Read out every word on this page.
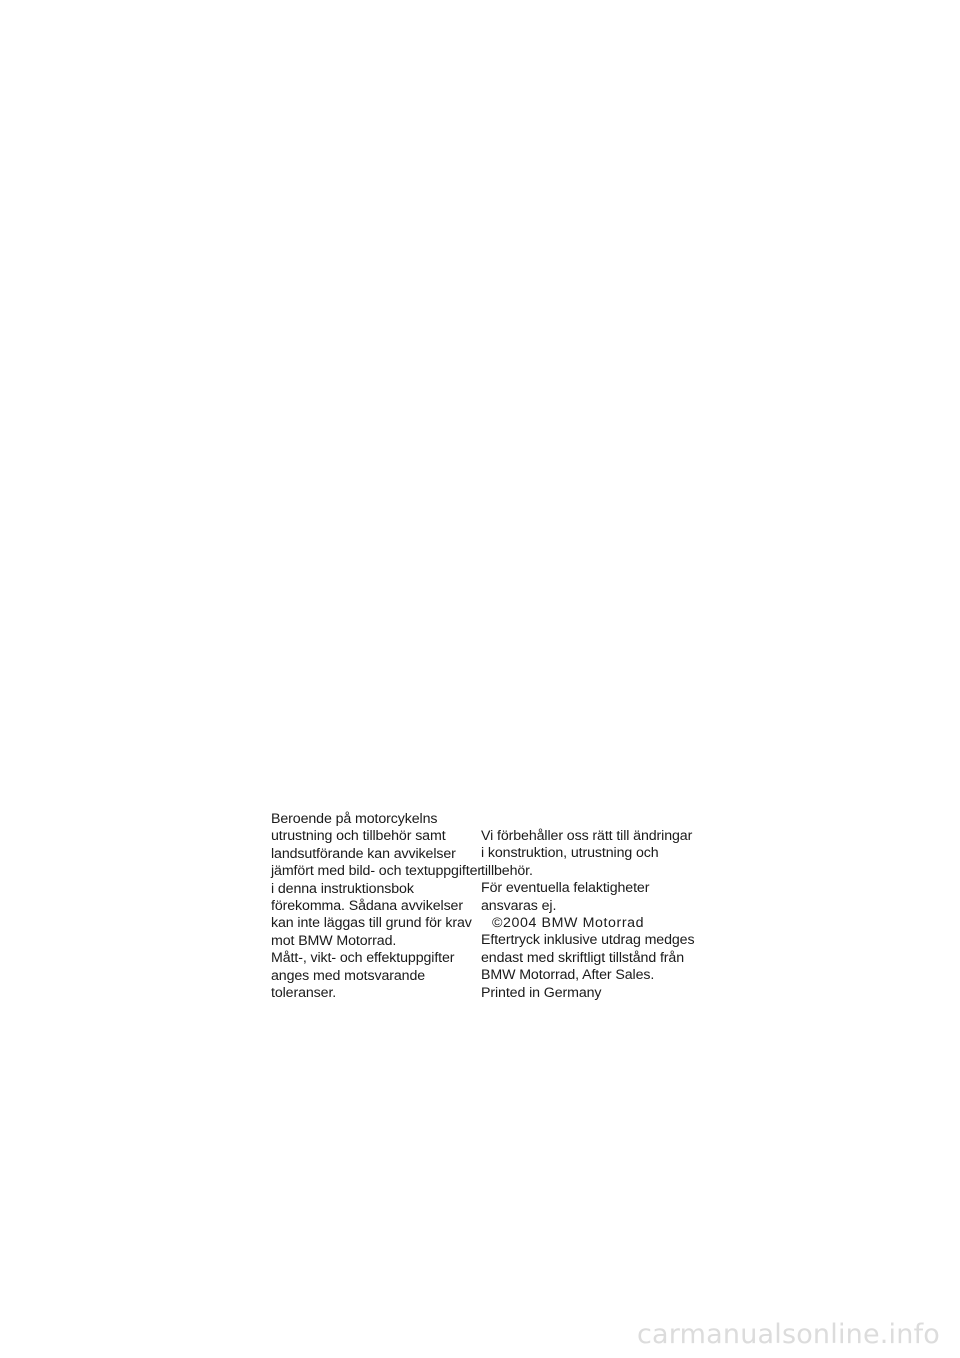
Beroende på motorcykelns
utrustning och tillbehör samt
landsutförande kan avvikelser
jämfört med bild- och textuppgifter
i denna instruktionsbok
förekomma. Sådana avvikelser
kan inte läggas till grund för krav
mot BMW Motorrad.
Mått-, vikt- och effektuppgifter
anges med motsvarande
toleranser.
Vi förbehåller oss rätt till ändringar
i konstruktion, utrustning och
tillbehör.
För eventuella felaktigheter
ansvaras ej.
©2004 BMW Motorrad
Eftertryck inklusive utdrag medges
endast med skriftligt tillstånd från
BMW Motorrad, After Sales.
Printed in Germany
carmanualsonline.info
